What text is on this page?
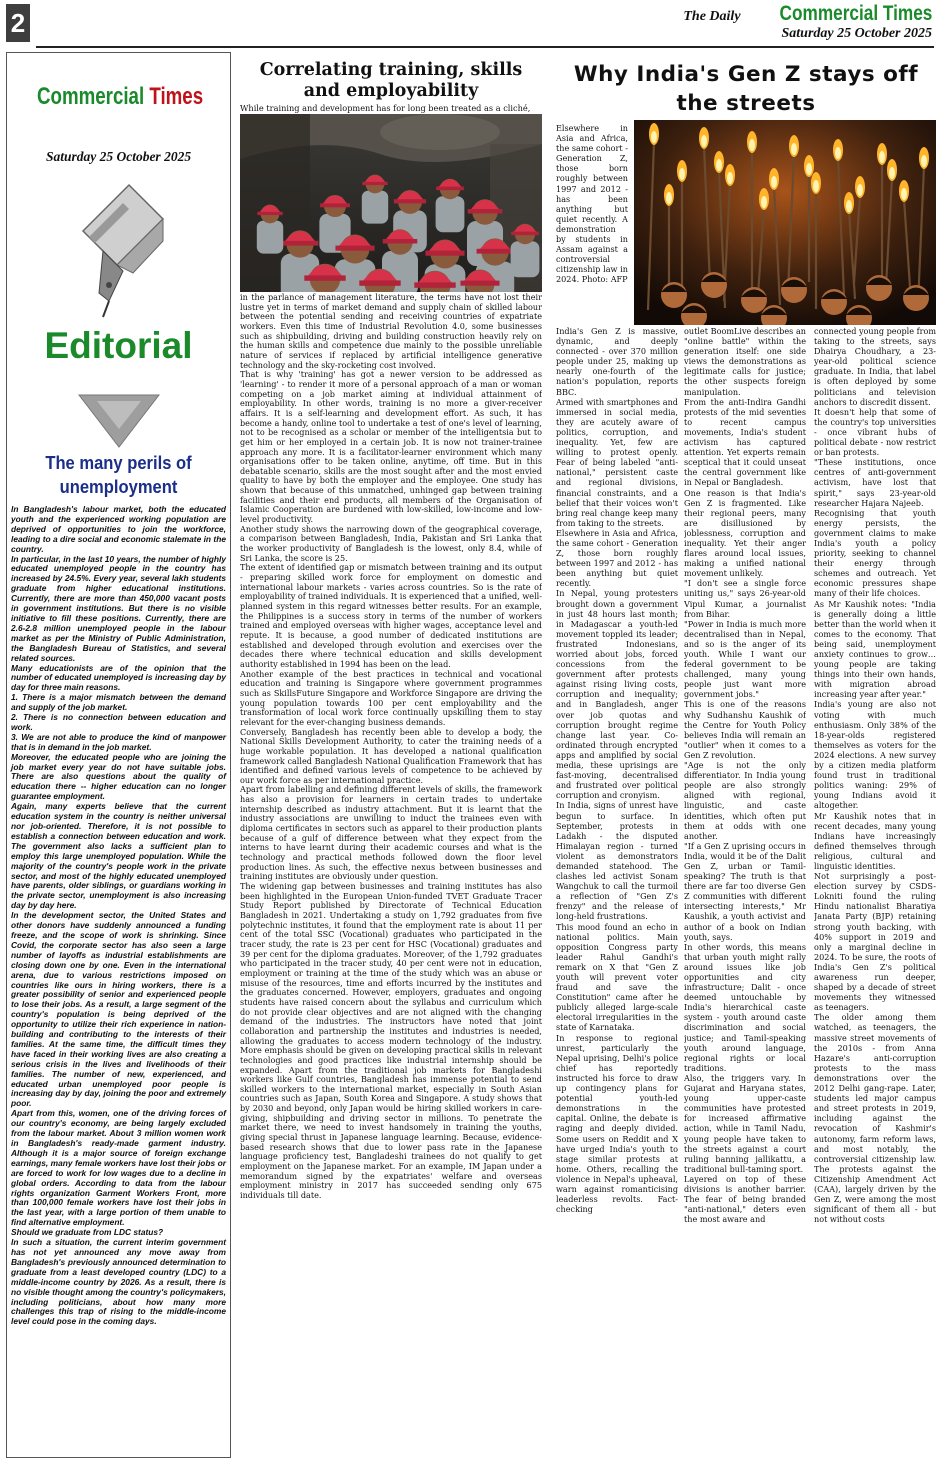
2	The Daily Commercial Times
Saturday 25 October 2025
Commercial Times
Saturday 25 October 2025
Editorial
The many perils of unemployment

In Bangladesh's labour market, both the educated youth and the experienced working population are deprived of opportunities to join the workforce, leading to a dire social and economic stalemate in the country.

In particular, in the last 10 years, the number of highly educated unemployed people in the country has increased by 24.5%. Every year, several lakh students graduate from higher educational institutions. Currently, there are more than 450,000 vacant posts in government institutions. But there is no visible initiative to fill these positions. Currently, there are 2.6-2.8 million unemployed people in the labour market as per the Ministry of Public Administration, the Bangladesh Bureau of Statistics, and several related sources.

Many educationists are of the opinion that the number of educated unemployed is increasing day by day for three main reasons.

1. There is a major mismatch between the demand and supply of the job market.

2. There is no connection between education and work.

3. We are not able to produce the kind of manpower that is in demand in the job market.

Moreover, the educated people who are joining the job market every year do not have suitable jobs. There are also questions about the quality of education there -- higher education can no longer guarantee employment.

Again, many experts believe that the current education system in the country is neither universal nor job-oriented. Therefore, it is not possible to establish a connection between education and work. The government also lacks a sufficient plan to employ this large unemployed population. While the majority of the country's people work in the private sector, and most of the highly educated unemployed have parents, older siblings, or guardians working in the private sector, unemployment is also increasing day by day here.

In the development sector, the United States and other donors have suddenly announced a funding freeze, and the scope of work is shrinking. Since Covid, the corporate sector has also seen a large number of layoffs as industrial establishments are closing down one by one. Even in the international arena, due to various restrictions imposed on countries like ours in hiring workers, there is a greater possibility of senior and experienced people to lose their jobs. As a result, a large segment of the country's population is being deprived of the opportunity to utilize their rich experience in nation-building and contributing to the interests of their families. At the same time, the difficult times they have faced in their working lives are also creating a serious crisis in the lives and livelihoods of their families. The number of new, experienced, and educated urban unemployed poor people is increasing day by day, joining the poor and extremely poor.

Apart from this, women, one of the driving forces of our country's economy, are being largely excluded from the labour market. About 3 million women work in Bangladesh's ready-made garment industry. Although it is a major source of foreign exchange earnings, many female workers have lost their jobs or are forced to work for low wages due to a decline in global orders. According to data from the labour rights organization Garment Workers Front, more than 100,000 female workers have lost their jobs in the last year, with a large portion of them unable to find alternative employment.

Should we graduate from LDC status?

In such a situation, the current interim government has not yet announced any move away from Bangladesh's previously announced determination to graduate from a least developed country (LDC) to a middle-income country by 2026. As a result, there is no visible thought among the country's policymakers, including politicians, about how many more challenges this trap of rising to the middle-income level could pose in the coming days.

Correlating training, skills and employability
While training and development has for long been treated as a cliché,

in the parlance of management literature, the terms have not lost their lustre yet in terms of market demand and supply chain of skilled labour between the potential sending and receiving countries of expatriate workers. Even this time of Industrial Revolution 4.0, some businesses such as shipbuilding, driving and building construction heavily rely on the human skills and competence due mainly to the possible unreliable nature of services if replaced by artificial intelligence generative technology and the sky-rocketing cost involved.

That is why 'training' has got a newer version to be addressed as 'learning' - to render it more of a personal approach of a man or woman competing on a job market aiming at individual attainment of employability. In other words, training is no more a giver-receiver affairs. It is a self-learning and development effort. As such, it has become a handy, online tool to undertake a test of one's level of learning, not to be recognised as a scholar or member of the intelligentsia but to get him or her employed in a certain job. It is now not trainer-trainee approach any more. It is a facilitator-learner environment which many organisations offer to be taken online, anytime, off time. But in this debatable scenario, skills are the most sought after and the most envied quality to have by both the employer and the employee. One study has shown that because of this unmatched, unhinged gap between training facilities and their end products, all members of the Organisation of Islamic Cooperation are burdened with low-skilled, low-income and low-level productivity.

Another study shows the narrowing down of the geographical coverage, a comparison between Bangladesh, India, Pakistan and Sri Lanka that the worker productivity of Bangladesh is the lowest, only 8.4, while of Sri Lanka, the score is 25.

The extent of identified gap or mismatch between training and its output - preparing skilled work force for employment on domestic and international labour markets - varies across countries. So is the rate of employability of trained individuals. It is experienced that a unified, well-planned system in this regard witnesses better results. For an example, the Philippines is a success story in terms of the number of workers trained and employed overseas with higher wages, acceptance level and repute. It is because, a good number of dedicated institutions are established and developed through evolution and exercises over the decades there where technical education and skills development authority established in 1994 has been on the lead.

Another example of the best practices in technical and vocational education and training is Singapore where government programmes such as SkillsFuture Singapore and Workforce Singapore are driving the young population towards 100 per cent employability and the transformation of local work force continually upskilling them to stay relevant for the ever-changing business demands.

Conversely, Bangladesh has recently been able to develop a body, the National Skills Development Authority, to cater the training needs of a huge workable population. It has developed a national qualification framework called Bangladesh National Qualification Framework that has identified and defined various levels of competence to be achieved by our work force as per international practice.

Apart from labelling and defining different levels of skills, the framework has also a provision for learners in certain trades to undertake internship described as industry attachment. But it is learnt that the industry associations are unwilling to induct the trainees even with diploma certificates in sectors such as apparel to their production plants because of a gulf of difference between what they expect from the interns to have learnt during their academic courses and what is the technology and practical methods followed down the floor level production lines. As such, the effective nexus between businesses and training institutes are obviously under question.

The widening gap between businesses and training institutes has also been highlighted in the European Union-funded TVET Graduate Tracer Study Report published by Directorate of Technical Education Bangladesh in 2021. Undertaking a study on 1,792 graduates from five polytechnic institutes, it found that the employment rate is about 11 per cent of the total SSC (Vocational) graduates who participated in the tracer study, the rate is 23 per cent for HSC (Vocational) graduates and 39 per cent for the diploma graduates. Moreover, of the 1,792 graduates who participated in the tracer study, 40 per cent were not in education, employment or training at the time of the study which was an abuse or misuse of the resources, time and efforts incurred by the institutes and the graduates concerned. However, employers, graduates and ongoing students have raised concern about the syllabus and curriculum which do not provide clear objectives and are not aligned with the changing demand of the industries. The instructors have noted that joint collaboration and partnership the institutes and industries is needed, allowing the graduates to access modern technology of the industry. More emphasis should be given on developing practical skills in relevant technologies and good practices like industrial internship should be expanded. Apart from the traditional job markets for Bangladeshi workers like Gulf countries, Bangladesh has immense potential to send skilled workers to the international market, especially in South Asian countries such as Japan, South Korea and Singapore. A study shows that by 2030 and beyond, only Japan would be hiring skilled workers in care-giving, shipbuilding and driving sector in millions. To penetrate the market there, we need to invest handsomely in training the youths, giving special thrust in Japanese language learning. Because, evidence-based research shows that due to lower pass rate in the Japanese language proficiency test, Bangladeshi trainees do not qualify to get employment on the Japanese market. For an example, IM Japan under a memorandum signed by the expatriates' welfare and overseas employment ministry in 2017 has succeeded sending only 675 individuals till date.

Why India's Gen Z stays off the streets
Elsewhere in Asia and Africa, the same cohort - Generation Z, those born roughly between 1997 and 2012 - has been anything but quiet recently. A demonstration by students in Assam against a controversial citizenship law in 2024. Photo: AFP

India's Gen Z is massive, dynamic, and deeply connected - over 370 million people under 25, making up nearly one-fourth of the nation's population, reports BBC.

Armed with smartphones and immersed in social media, they are acutely aware of politics, corruption, and inequality. Yet, few are willing to protest openly. Fear of being labeled "anti-national," persistent caste and regional divisions, financial constraints, and a belief that their voices won't bring real change keep many from taking to the streets.

Elsewhere in Asia and Africa, the same cohort - Generation Z, those born roughly between 1997 and 2012 - has been anything but quiet recently.

In Nepal, young protesters brought down a government in just 48 hours last month; in Madagascar a youth-led movement toppled its leader; frustrated Indonesians, worried about jobs, forced concessions from the government after protests against rising living costs, corruption and inequality; and in Bangladesh, anger over job quotas and corruption brought regime change last year. Co-ordinated through encrypted apps and amplified by social media, these uprisings are fast-moving, decentralised and frustrated over political corruption and cronyism.

In India, signs of unrest have begun to surface. In September, protests in Ladakh - the disputed Himalayan region - turned violent as demonstrators demanded statehood. The clashes led activist Sonam Wangchuk to call the turmoil a reflection of "Gen Z's frenzy" and the release of long-held frustrations.

This mood found an echo in national politics. Main opposition Congress party leader Rahul Gandhi's remark on X that "Gen Z youth will prevent voter fraud and save the Constitution" came after he publicly alleged large-scale electoral irregularities in the state of Karnataka.

In response to regional unrest, particularly the Nepal uprising, Delhi's police chief has reportedly instructed his force to draw up contingency plans for potential youth-led demonstrations in the capital. Online, the debate is raging and deeply divided. Some users on Reddit and X have urged India's youth to stage similar protests at home. Others, recalling the violence in Nepal's upheaval, warn against romanticising leaderless revolts. Fact-checking

outlet BoomLive describes an "online battle" within the generation itself: one side views the demonstrations as legitimate calls for justice; the other suspects foreign manipulation.

From the anti-Indira Gandhi protests of the mid seventies to recent campus movements, India's student activism has captured attention. Yet experts remain sceptical that it could unseat the central government like in Nepal or Bangladesh.

One reason is that India's Gen Z is fragmented. Like their regional peers, many are disillusioned by joblessness, corruption and inequality. Yet their anger flares around local issues, making a unified national movement unlikely.

"I don't see a single force uniting us," says 26-year-old Vipul Kumar, a journalist from Bihar.

"Power in India is much more decentralised than in Nepal, and so is the anger of its youth. While I want our federal government to be challenged, many young people just want more government jobs."

This is one of the reasons why Sudhanshu Kaushik of the Centre for Youth Policy believes India will remain an "outlier" when it comes to a Gen Z revolution.

"Age is not the only differentiator. In India young people are also strongly aligned with regional, linguistic, and caste identities, which often put them at odds with one another.

"If a Gen Z uprising occurs in India, would it be of the Dalit Gen Z, urban or Tamil-speaking? The truth is that there are far too diverse Gen Z communities with different intersecting interests," Mr Kaushik, a youth activist and author of a book on Indian youth, says.

In other words, this means that urban youth might rally around issues like job opportunities and city infrastructure; Dalit - once deemed untouchable by India's hierarchical caste system - youth around caste discrimination and social justice; and Tamil-speaking youth around language, regional rights or local traditions.

Also, the triggers vary. In Gujarat and Haryana states, young upper-caste communities have protested for increased affirmative action, while in Tamil Nadu, young people have taken to the streets against a court ruling banning jallikattu, a traditional bull-taming sport.

Layered on top of these divisions is another barrier. The fear of being branded "anti-national," deters even the most aware and

connected young people from taking to the streets, says Dhairya Choudhary, a 23-year-old political science graduate. In India, that label is often deployed by some politicians and television anchors to discredit dissent.

It doesn't help that some of the country's top universities - once vibrant hubs of political debate - now restrict or ban protests.

"These institutions, once centres of anti-government activism, have lost that spirit," says 23-year-old researcher Hajara Najeeb.

Recognising that youth energy persists, the government claims to make India's youth a policy priority, seeking to channel their energy through schemes and outreach. Yet economic pressures shape many of their life choices.

As Mr Kaushik notes: "India is generally doing a little better than the world when it comes to the economy. That being said, unemployment anxiety continues to grow… young people are taking things into their own hands, with migration abroad increasing year after year."

India's young are also not voting with much enthusiasm. Only 38% of the 18-year-olds registered themselves as voters for the 2024 elections. A new survey by a citizen media platform found trust in traditional politics waning: 29% of young Indians avoid it altogether.

Mr Kaushik notes that in recent decades, many young Indians have increasingly defined themselves through religious, cultural and linguistic identities.

Not surprisingly a post-election survey by CSDS-Lokniti found the ruling Hindu nationalist Bharatiya Janata Party (BJP) retaining strong youth backing, with 40% support in 2019 and only a marginal decline in 2024. To be sure, the roots of India's Gen Z's political awareness run deeper, shaped by a decade of street movements they witnessed as teenagers.

The older among them watched, as teenagers, the massive street movements of the 2010s - from Anna Hazare's anti-corruption protests to the mass demonstrations over the 2012 Delhi gang-rape. Later, students led major campus and street protests in 2019, including against the revocation of Kashmir's autonomy, farm reform laws, and most notably, the controversial citizenship law. The protests against the Citizenship Amendment Act (CAA), largely driven by the Gen Z, were among the most significant of them all - but not without costs
